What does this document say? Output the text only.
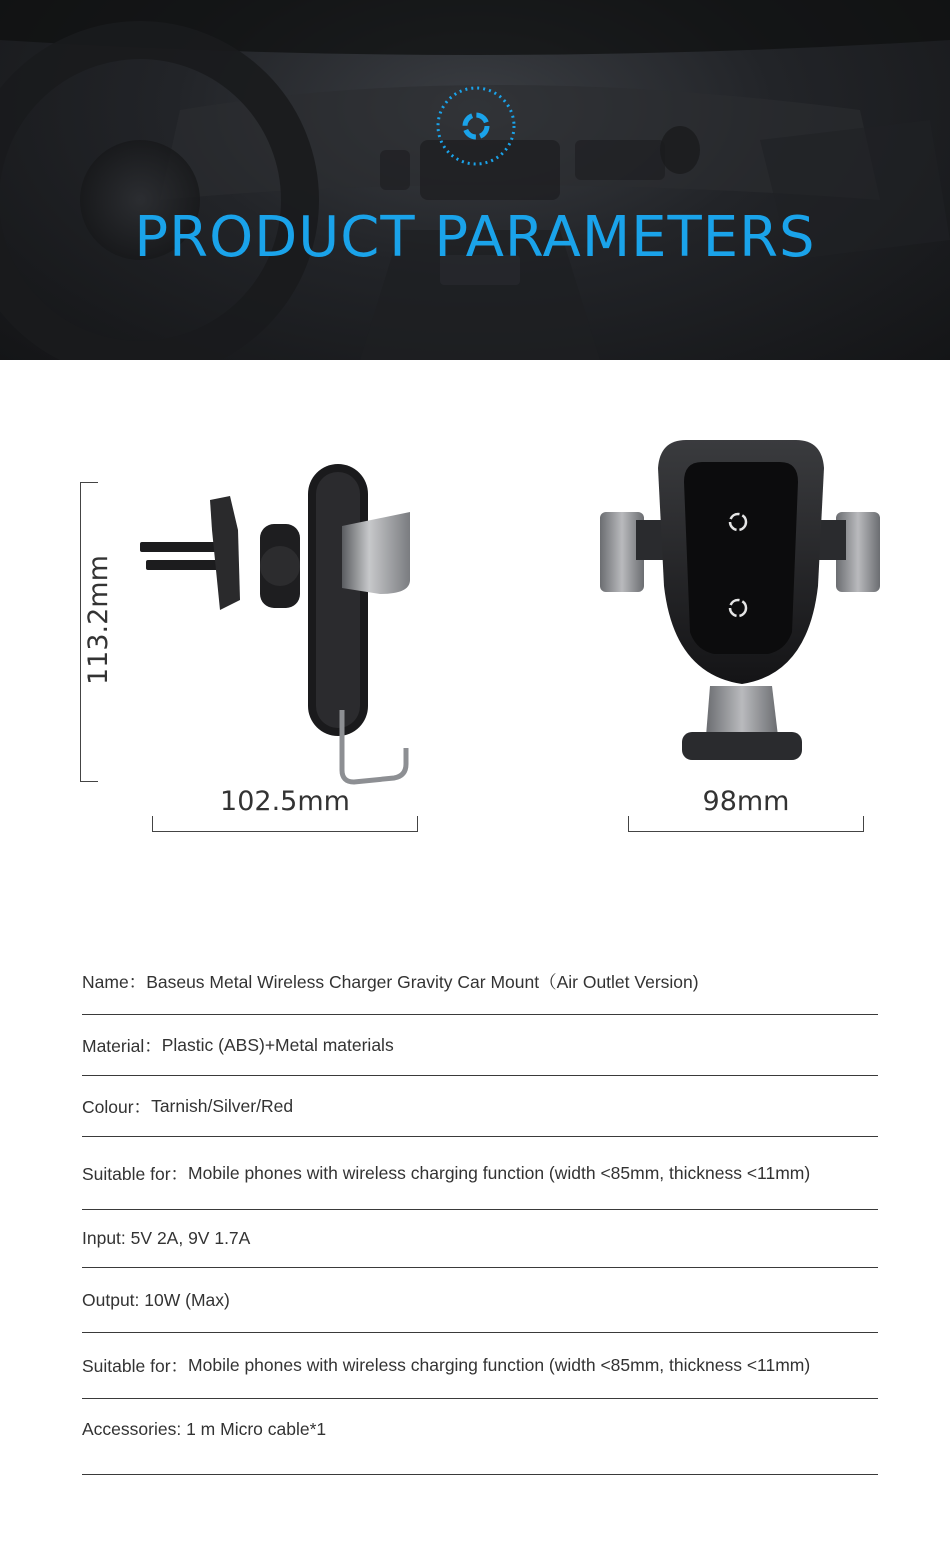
PRODUCT PARAMETERS
113.2mm
102.5mm	98mm
Name： Baseus Metal Wireless Charger Gravity Car Mount（Air Outlet Version)
Material： Plastic (ABS)+Metal materials
Colour： Tarnish/Silver/Red
Suitable for： Mobile phones with wireless charging function (width <85mm, thickness <11mm)
Input:
5V 2A, 9V 1.7A
Output:
10W (Max)
Suitable for： Mobile phones with wireless charging function (width <85mm, thickness <11mm)
Accessories:
1 m Micro cable*1
